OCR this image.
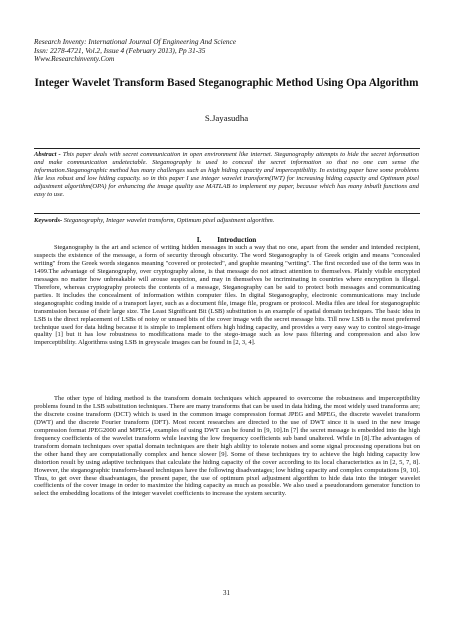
Research Inventy: International Journal Of Engineering And Science
Issn: 2278-4721, Vol.2, Issue 4 (February 2013), Pp 31-35
Www.Researchinventy.Com
Integer Wavelet Transform Based Steganographic Method Using Opa Algorithm
S.Jayasudha
Abstract - This paper deals with secret communication in open environment like internet. Steganography attempts to hide the secret information and make communication undetectable. Steganography is used to conceal the secret information so that no one can sense the information.Steganographic method has many challenges such as high hiding capacity and imperceptibility. In existing paper have some problems like less robust and low hiding capacity. so in this paper I use integer wavelet transform(IWT) for increasing hiding capacity and Optimum pixel adjustment algorithm(OPA) for enhancing the image quality use MATLAB to implement my paper, because which has many inbuilt functions and easy to use.
Keywords- Steganography, Integer wavelet transform, Optimum pixel adjustment algorithm.
I. Introduction
Steganography is the art and science of writing hidden messages in such a way that no one, apart from the sender and intended recipient, suspects the existence of the message, a form of security through obscurity. The word Steganography is of Greek origin and means "concealed writing" from the Greek words steganos meaning "covered or protected", and graphie meaning "writing". The first recorded use of the term was in 1499.The advantage of Steganography, over cryptography alone, is that message do not attract attention to themselves. Plainly visible encrypted messages no matter how unbreakable will arouse suspicion, and may in themselves be incriminating in countries where encryption is illegal. Therefore, whereas cryptography protects the contents of a message, Steganography can be said to protect both messages and communicating parties. It includes the concealment of information within computer files. In digital Steganography, electronic communications may include steganographic coding inside of a transport layer, such as a document file, image file, program or protocol. Media files are ideal for steganographic transmission because of their large size. The Least Significant Bit (LSB) substitution is an example of spatial domain techniques. The basic idea in LSB is the direct replacement of LSBs of noisy or unused bits of the cover image with the secret message bits. Till now LSB is the most preferred technique used for data hiding because it is simple to implement offers high hiding capacity, and provides a very easy way to control stego-image quality [1] but it has low robustness to modifications made to the stego-image such as low pass filtering and compression and also low imperceptibility. Algorithms using LSB in greyscale images can be found in [2, 3, 4].
The other type of hiding method is the transform domain techniques which appeared to overcome the robustness and imperceptibility problems found in the LSB substitution techniques. There are many transforms that can be used in data hiding, the most widely used transforms are; the discrete cosine transform (DCT) which is used in the common image compression format JPEG and MPEG, the discrete wavelet transform (DWT) and the discrete Fourier transform (DFT). Most recent researches are directed to the use of DWT since it is used in the new image compression format JPEG2000 and MPEG4, examples of using DWT can be found in [9, 10].In [7] the secret message is embedded into the high frequency coefficients of the wavelet transform while leaving the low frequency coefficients sub band unaltered. While in [8].The advantages of transform domain techniques over spatial domain techniques are their high ability to tolerate noises and some signal processing operations but on the other hand they are computationally complex and hence slower [9]. Some of these techniques try to achieve the high hiding capacity low distortion result by using adaptive techniques that calculate the hiding capacity of the cover according to its local characteristics as in [2, 5, 7, 8]. However, the steganographic transform-based techniques have the following disadvantages; low hiding capacity and complex computations [9, 10]. Thus, to get over these disadvantages, the present paper, the use of optimum pixel adjustment algorithm to hide data into the integer wavelet coefficients of the cover image in order to maximize the hiding capacity as much as possible. We also used a pseudorandom generator function to select the embedding locations of the integer wavelet coefficients to increase the system security.
31
